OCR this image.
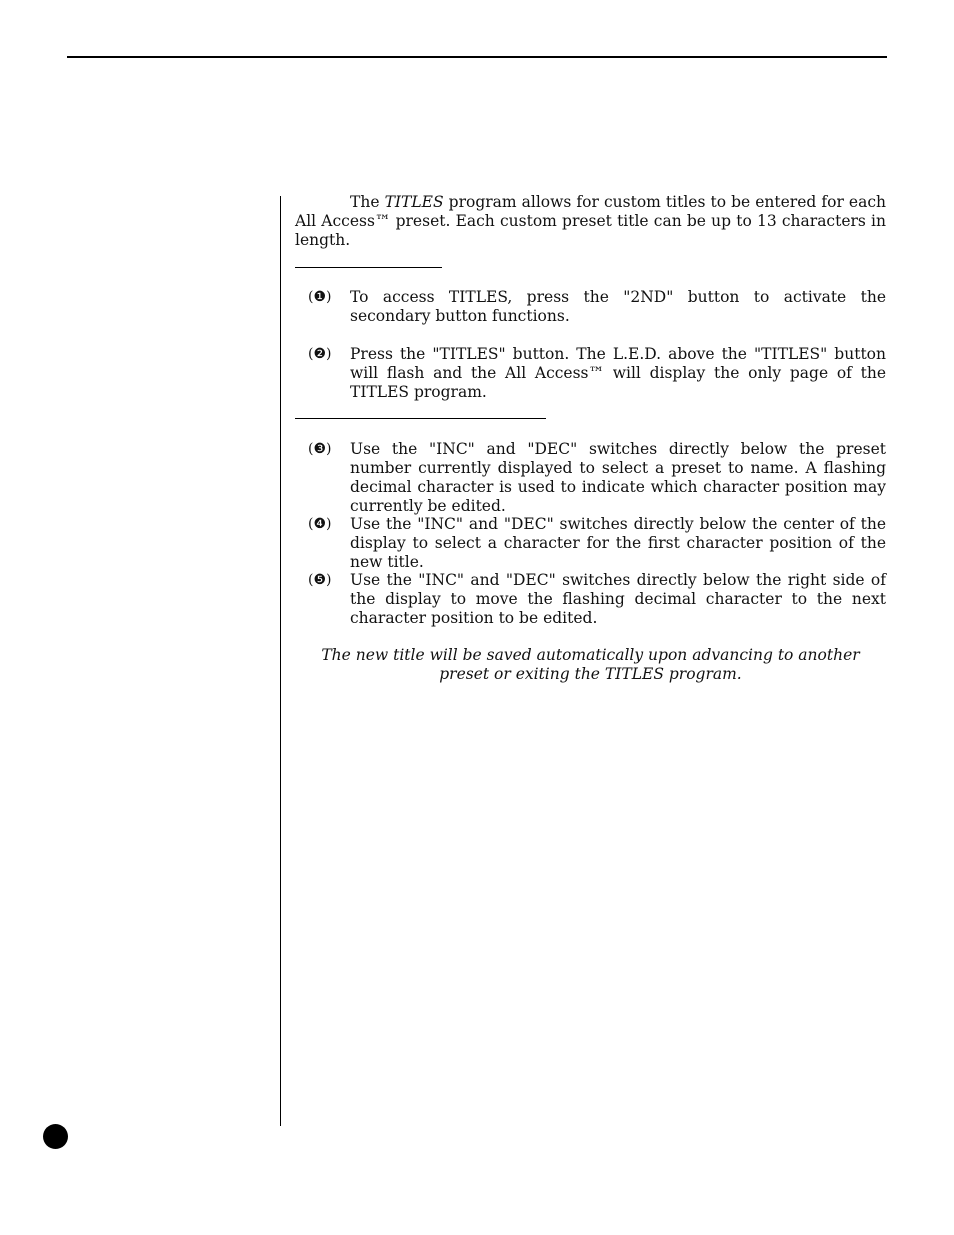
The TITLES program allows for custom titles to be entered for each All Access™ preset. Each custom preset title can be up to 13 characters in length.

(❶)	To access TITLES, press the "2ND" button to activate the secondary button functions.

(❷)	Press the "TITLES" button. The L.E.D. above the "TITLES" button will flash and the All Access™ will display the only page of the TITLES program.

(❸)	Use the "INC" and "DEC" switches directly below the preset number currently displayed to select a preset to name. A flashing decimal character is used to indicate which character position may currently be edited.

(❹)	Use the "INC" and "DEC" switches directly below the center of the display to select a character for the first character position of the new title.

(❺)	Use the "INC" and "DEC" switches directly below the right side of the display to move the flashing decimal character to the next character position to be edited.

The new title will be saved automatically upon advancing to another preset or exiting the TITLES program.
